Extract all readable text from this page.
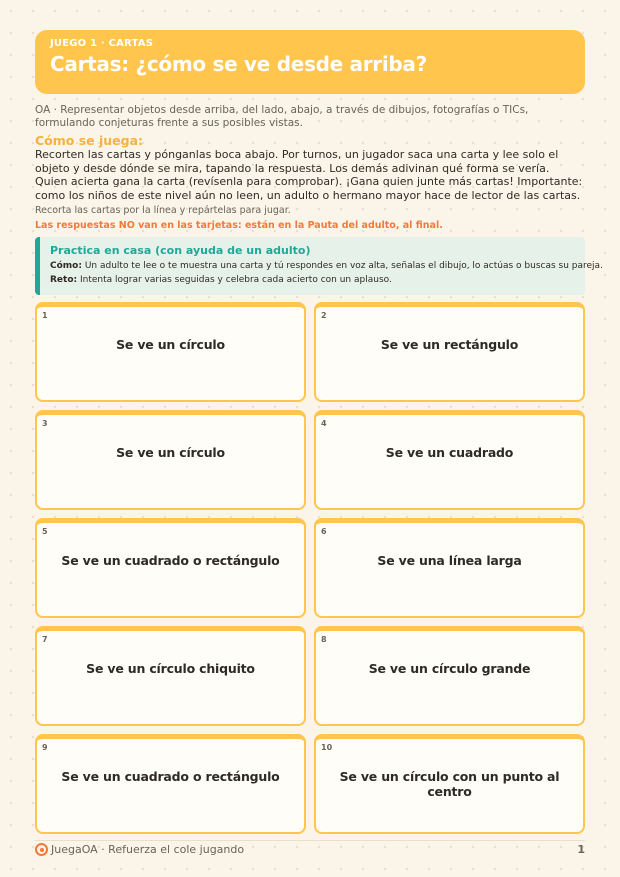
JUEGO 1 · CARTAS
Cartas: ¿cómo se ve desde arriba?
OA · Representar objetos desde arriba, del lado, abajo, a través de dibujos, fotografías o TICs, formulando conjeturas frente a sus posibles vistas.
Cómo se juega:
Recorten las cartas y pónganlas boca abajo. Por turnos, un jugador saca una carta y lee solo el objeto y desde dónde se mira, tapando la respuesta. Los demás adivinan qué forma se vería. Quien acierta gana la carta (revísenla para comprobar). ¡Gana quien junte más cartas! Importante: como los niños de este nivel aún no leen, un adulto o hermano mayor hace de lector de las cartas.
Recorta las cartas por la línea y repártelas para jugar.
Las respuestas NO van en las tarjetas: están en la Pauta del adulto, al final.
Practica en casa (con ayuda de un adulto)
Cómo: Un adulto te lee o te muestra una carta y tú respondes en voz alta, señalas el dibujo, lo actúas o buscas su pareja.
Reto: Intenta lograr varias seguidas y celebra cada acierto con un aplauso.
1
Se ve un círculo
2
Se ve un rectángulo
3
Se ve un círculo
4
Se ve un cuadrado
5
Se ve un cuadrado o rectángulo
6
Se ve una línea larga
7
Se ve un círculo chiquito
8
Se ve un círculo grande
9
Se ve un cuadrado o rectángulo
10
Se ve un círculo con un punto al centro
JuegaOA · Refuerza el cole jugando	1
